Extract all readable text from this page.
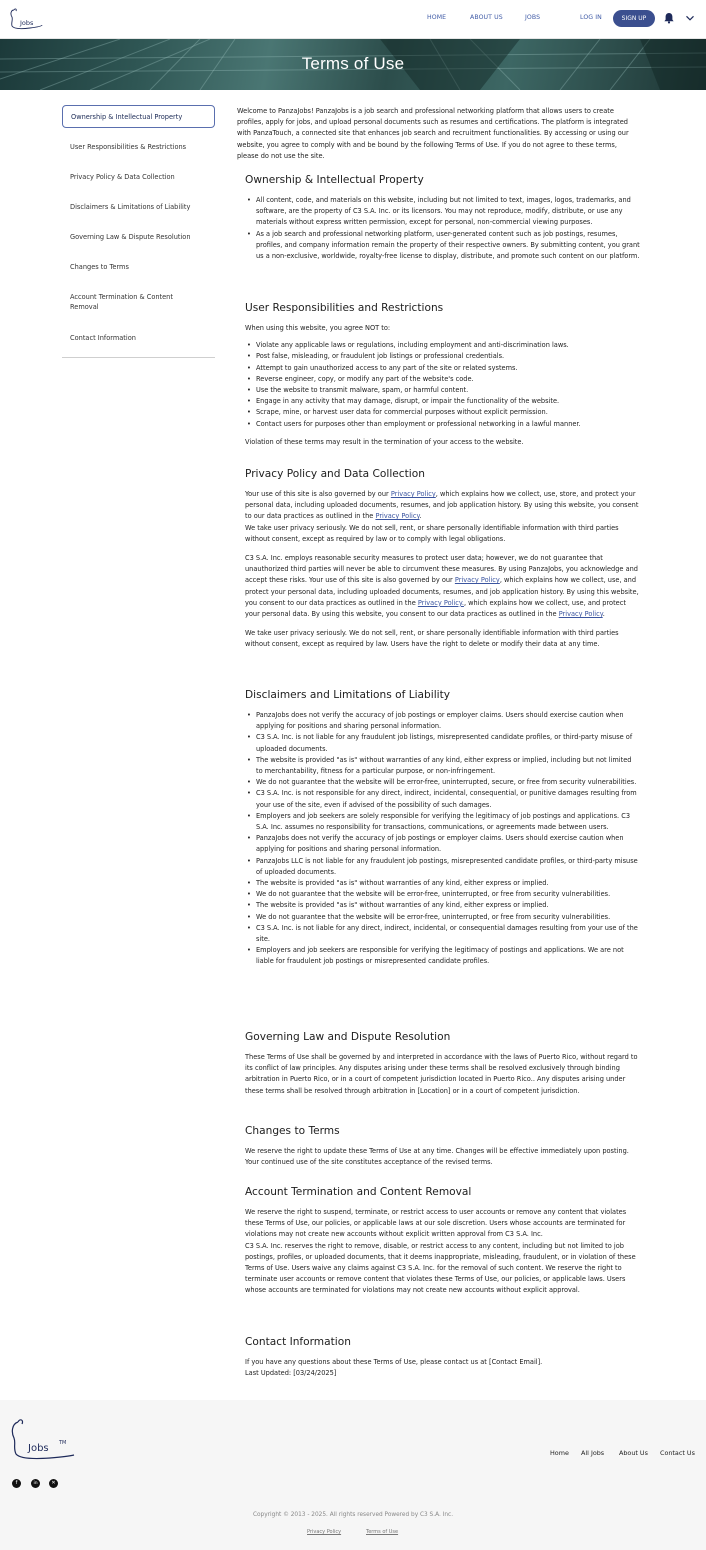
Jobs
HOME	ABOUT US	JOBS	LOG IN	SIGN UP
Terms of Use
Ownership & Intellectual Property
User Responsibilities & Restrictions
Privacy Policy & Data Collection
Disclaimers & Limitations of Liability
Governing Law & Dispute Resolution
Changes to Terms
Account Termination & Content Removal
Contact Information

Welcome to PanzaJobs! PanzaJobs is a job search and professional networking platform that allows users to create profiles, apply for jobs, and upload personal documents such as resumes and certifications. The platform is integrated with PanzaTouch, a connected site that enhances job search and recruitment functionalities. By accessing or using our website, you agree to comply with and be bound by the following Terms of Use. If you do not agree to these terms, please do not use the site.

Ownership & Intellectual Property
• All content, code, and materials on this website, including but not limited to text, images, logos, trademarks, and software, are the property of C3 S.A. Inc. or its licensors. You may not reproduce, modify, distribute, or use any materials without express written permission, except for personal, non-commercial viewing purposes.
• As a job search and professional networking platform, user-generated content such as job postings, resumes, profiles, and company information remain the property of their respective owners. By submitting content, you grant us a non-exclusive, worldwide, royalty-free license to display, distribute, and promote such content on our platform.
User Responsibilities and Restrictions

When using this website, you agree NOT to:

• Violate any applicable laws or regulations, including employment and anti-discrimination laws.
• Post false, misleading, or fraudulent job listings or professional credentials.
• Attempt to gain unauthorized access to any part of the site or related systems.
• Reverse engineer, copy, or modify any part of the website's code.
• Use the website to transmit malware, spam, or harmful content.
• Engage in any activity that may damage, disrupt, or impair the functionality of the website.
• Scrape, mine, or harvest user data for commercial purposes without explicit permission.
• Contact users for purposes other than employment or professional networking in a lawful manner.

Violation of these terms may result in the termination of your access to the website.

Privacy Policy and Data Collection

Your use of this site is also governed by our Privacy Policy, which explains how we collect, use, store, and protect your personal data, including uploaded documents, resumes, and job application history. By using this website, you consent to our data practices as outlined in the Privacy Policy.

We take user privacy seriously. We do not sell, rent, or share personally identifiable information with third parties without consent, except as required by law or to comply with legal obligations.

C3 S.A. Inc. employs reasonable security measures to protect user data; however, we do not guarantee that unauthorized third parties will never be able to circumvent these measures. By using PanzaJobs, you acknowledge and accept these risks. Your use of this site is also governed by our Privacy Policy, which explains how we collect, use, and protect your personal data, including uploaded documents, resumes, and job application history. By using this website, you consent to our data practices as outlined in the Privacy Policy., which explains how we collect, use, and protect your personal data. By using this website, you consent to our data practices as outlined in the Privacy Policy.

We take user privacy seriously. We do not sell, rent, or share personally identifiable information with third parties without consent, except as required by law. Users have the right to delete or modify their data at any time.

Disclaimers and Limitations of Liability
• PanzaJobs does not verify the accuracy of job postings or employer claims. Users should exercise caution when applying for positions and sharing personal information.
• C3 S.A. Inc. is not liable for any fraudulent job listings, misrepresented candidate profiles, or third-party misuse of uploaded documents.
• The website is provided "as is" without warranties of any kind, either express or implied, including but not limited to merchantability, fitness for a particular purpose, or non-infringement.
• We do not guarantee that the website will be error-free, uninterrupted, secure, or free from security vulnerabilities.
• C3 S.A. Inc. is not responsible for any direct, indirect, incidental, consequential, or punitive damages resulting from your use of the site, even if advised of the possibility of such damages.
• Employers and job seekers are solely responsible for verifying the legitimacy of job postings and applications. C3 S.A. Inc. assumes no responsibility for transactions, communications, or agreements made between users.
• PanzaJobs does not verify the accuracy of job postings or employer claims. Users should exercise caution when applying for positions and sharing personal information.
• PanzaJobs LLC is not liable for any fraudulent job postings, misrepresented candidate profiles, or third-party misuse of uploaded documents.
• The website is provided "as is" without warranties of any kind, either express or implied.
• We do not guarantee that the website will be error-free, uninterrupted, or free from security vulnerabilities.
• The website is provided "as is" without warranties of any kind, either express or implied.
• We do not guarantee that the website will be error-free, uninterrupted, or free from security vulnerabilities.
• C3 S.A. Inc. is not liable for any direct, indirect, incidental, or consequential damages resulting from your use of the site.
• Employers and job seekers are responsible for verifying the legitimacy of postings and applications. We are not liable for fraudulent job postings or misrepresented candidate profiles.
Governing Law and Dispute Resolution

These Terms of Use shall be governed by and interpreted in accordance with the laws of Puerto Rico, without regard to its conflict of law principles. Any disputes arising under these terms shall be resolved exclusively through binding arbitration in Puerto Rico, or in a court of competent jurisdiction located in Puerto Rico.. Any disputes arising under these terms shall be resolved through arbitration in [Location] or in a court of competent jurisdiction.

Changes to Terms

We reserve the right to update these Terms of Use at any time. Changes will be effective immediately upon posting. Your continued use of the site constitutes acceptance of the revised terms.

Account Termination and Content Removal

We reserve the right to suspend, terminate, or restrict access to user accounts or remove any content that violates these Terms of Use, our policies, or applicable laws at our sole discretion. Users whose accounts are terminated for violations may not create new accounts without explicit written approval from C3 S.A. Inc.

C3 S.A. Inc. reserves the right to remove, disable, or restrict access to any content, including but not limited to job postings, profiles, or uploaded documents, that it deems inappropriate, misleading, fraudulent, or in violation of these Terms of Use. Users waive any claims against C3 S.A. Inc. for the removal of such content. We reserve the right to terminate user accounts or remove content that violates these Terms of Use, our policies, or applicable laws. Users whose accounts are terminated for violations may not create new accounts without explicit approval.

Contact Information

If you have any questions about these Terms of Use, please contact us at [Contact Email].

Last Updated: [03/24/2025]

Jobs TM
Home All Jobs About Us Contact Us
f	in	✕
Copyright © 2013 - 2025. All rights reserved Powered by C3 S.A. Inc.
Privacy Policy	Terms of Use
